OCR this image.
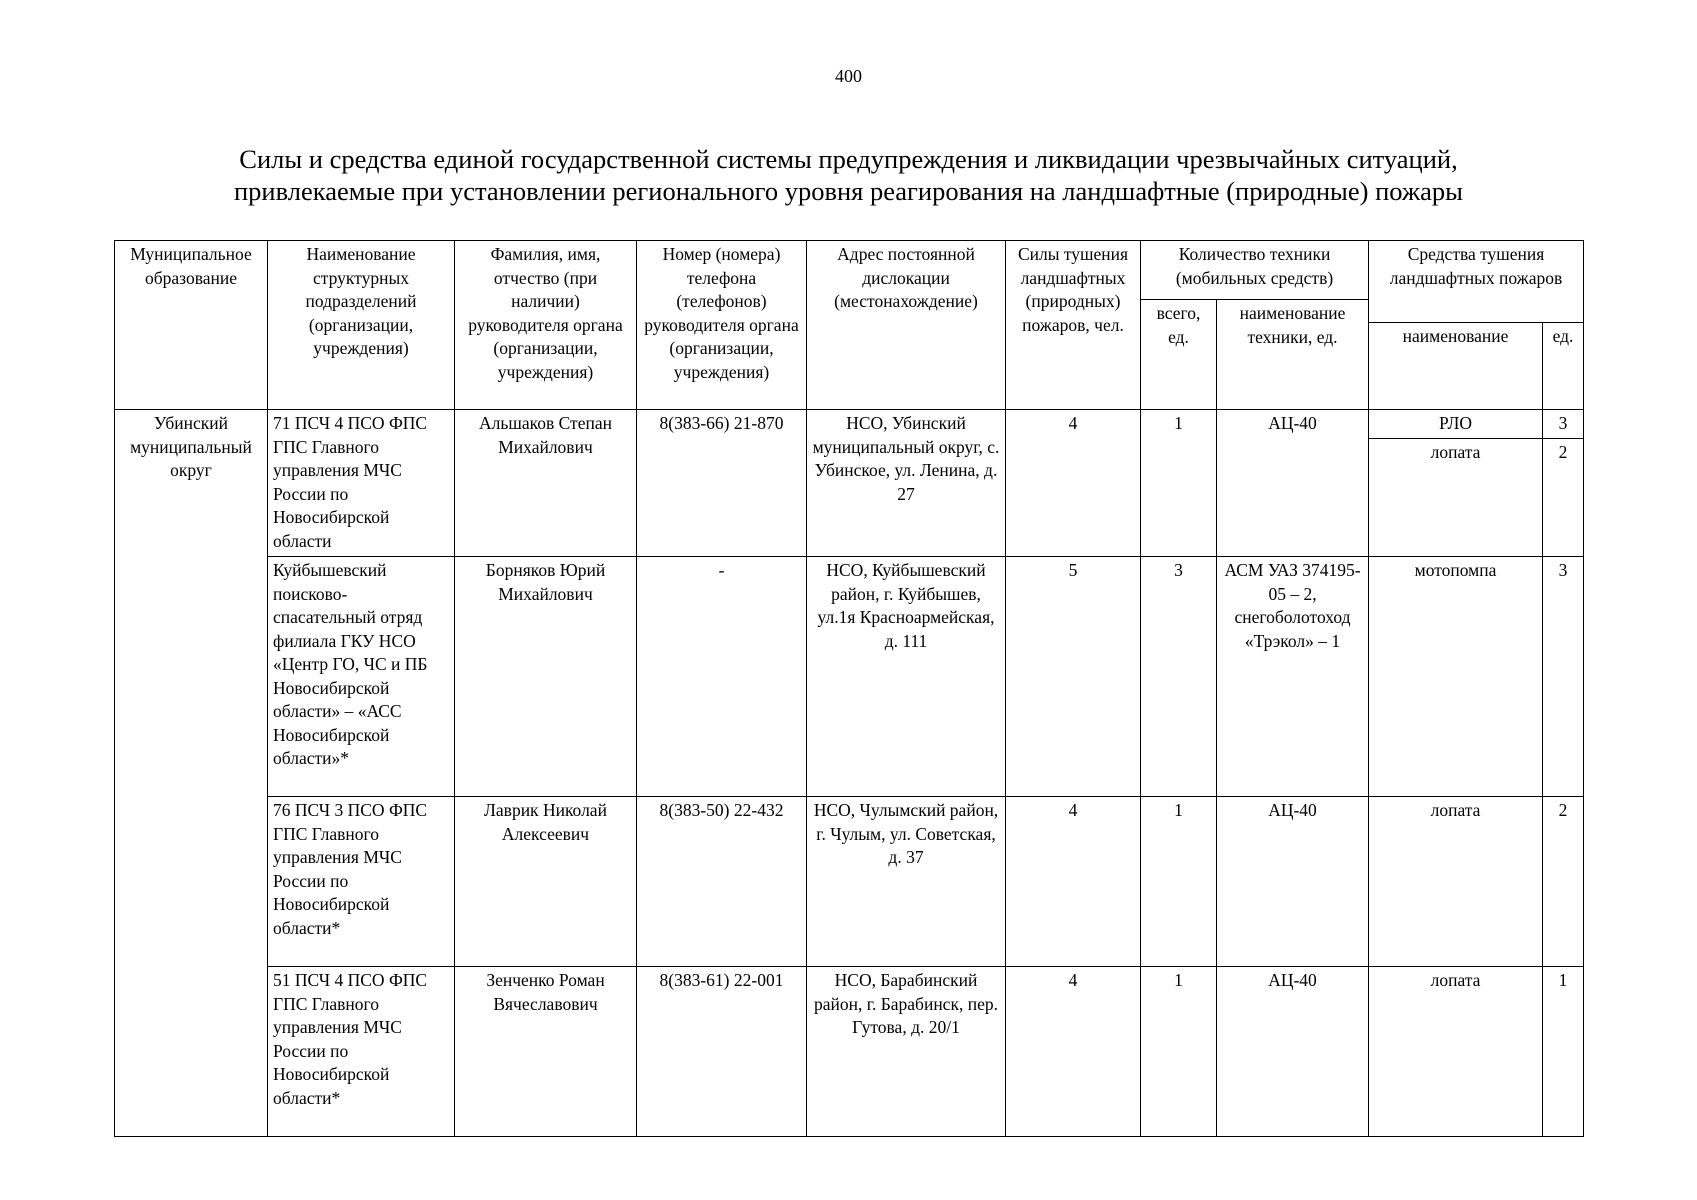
400
Силы и средства единой государственной системы предупреждения и ликвидации чрезвычайных ситуаций,
привлекаемые при установлении регионального уровня реагирования на ландшафтные (природные) пожары
Муниципальное образование	Наименование структурных подразделений (организации, учреждения)	Фамилия, имя, отчество (при наличии) руководителя органа (организации, учреждения)	Номер (номера) телефона (телефонов) руководителя органа (организации, учреждения)	Адрес постоянной дислокации (местонахождение)	Силы тушения ландшафтных (природных) пожаров, чел.	Количество техники (мобильных средств)		Средства тушения ландшафтных пожаров	
						всего, ед.	наименование техники, ед.		
								наименование	ед.
Убинский муниципальный округ	71 ПСЧ 4 ПСО ФПС ГПС Главного управления МЧС России по Новосибирской области	Альшаков Степан Михайлович	8(383-66) 21-870	НСО, Убинский муниципальный округ, с. Убинское, ул. Ленина, д. 27	4	1	АЦ-40	РЛО	3
								лопата	2
	Куйбышевский поисково-спасательный отряд филиала ГКУ НСО «Центр ГО, ЧС и ПБ Новосибирской области» – «АСС Новосибирской области»*	Борняков Юрий Михайлович	-	НСО, Куйбышевский район, г. Куйбышев, ул.1я Красноармейская, д. 111	5	3	АСМ УАЗ 374195-05 – 2, снегоболотоход «Трэкол» – 1	мотопомпа	3
	76 ПСЧ 3 ПСО ФПС ГПС Главного управления МЧС России по Новосибирской области*	Лаврик Николай Алексеевич	8(383-50) 22-432	НСО, Чулымский район, г. Чулым, ул. Советская, д. 37	4	1	АЦ-40	лопата	2
	51 ПСЧ 4 ПСО ФПС ГПС Главного управления МЧС России по Новосибирской области*	Зенченко Роман Вячеславович	8(383-61) 22-001	НСО, Барабинский район, г. Барабинск, пер. Гутова, д. 20/1	4	1	АЦ-40	лопата	1
